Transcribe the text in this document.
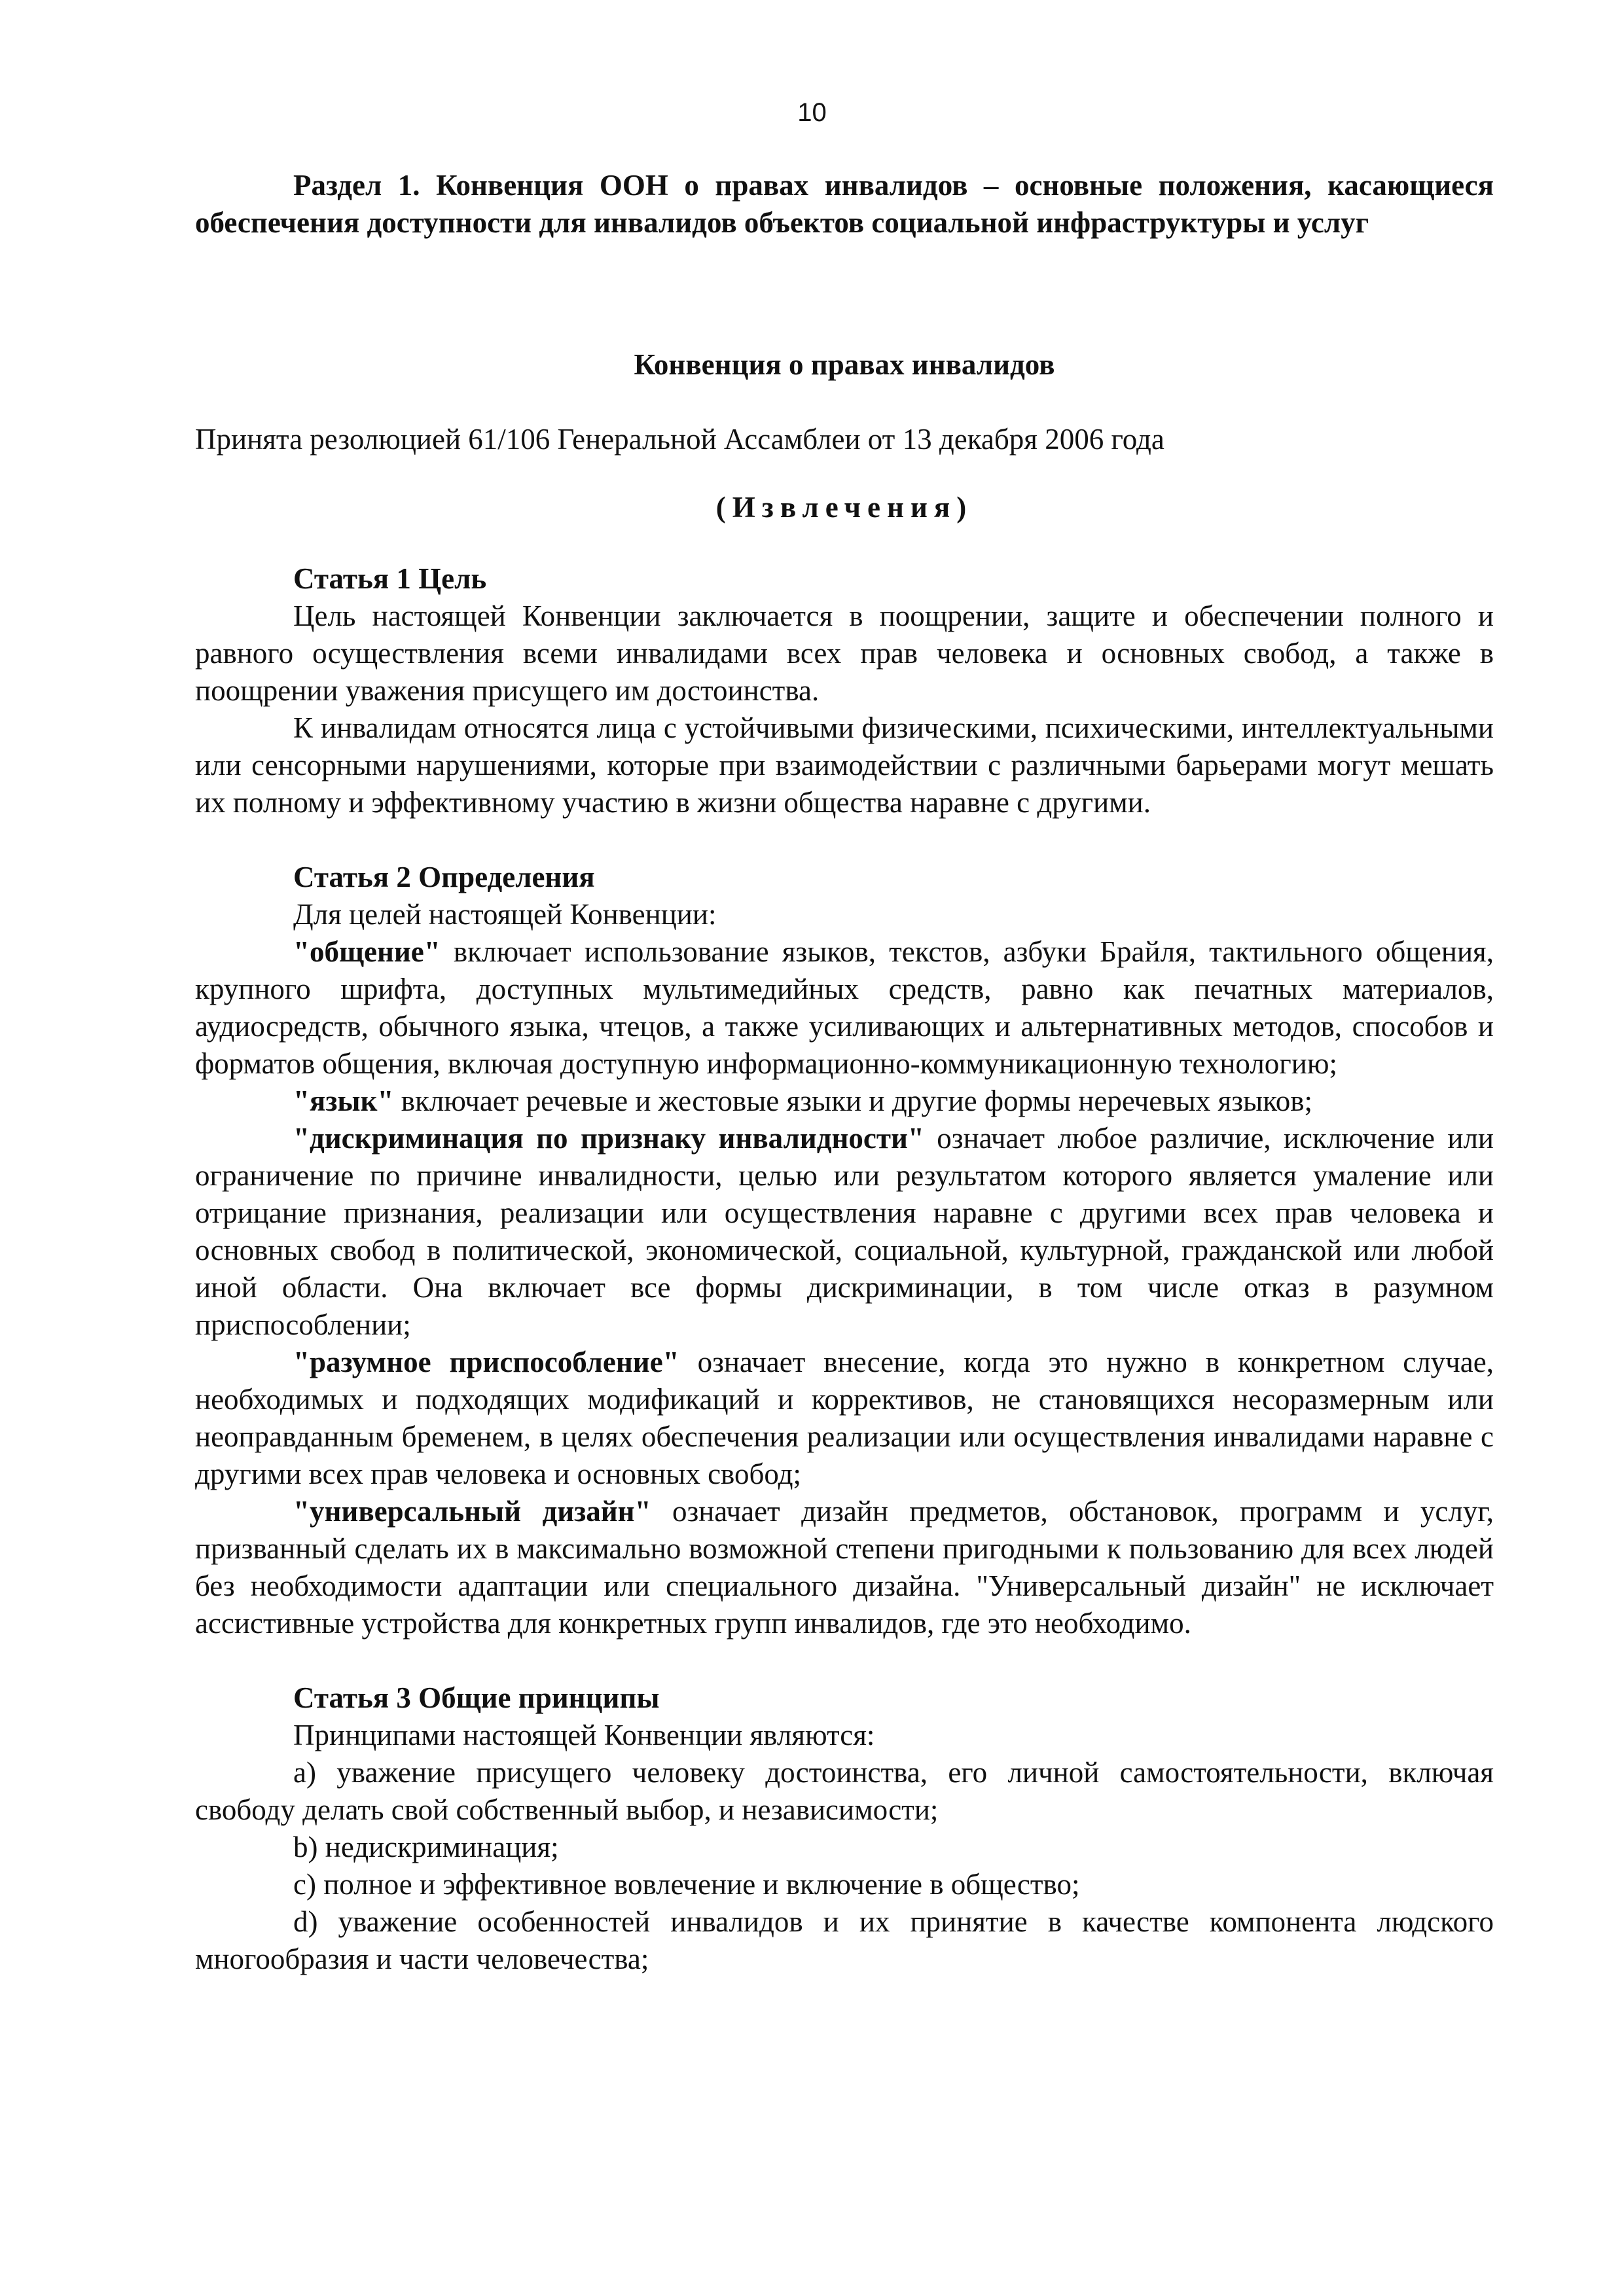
10

Раздел 1. Конвенция ООН о правах инвалидов – основные положения, касающиеся обеспечения доступности для инвалидов объектов социальной инфраструктуры и услуг

Конвенция о правах инвалидов

Принята резолюцией 61/106 Генеральной Ассамблеи от 13 декабря 2006 года

(Извлечения)

Статья 1 Цель

Цель настоящей Конвенции заключается в поощрении, защите и обеспечении полного и равного осуществления всеми инвалидами всех прав человека и основных свобод, а также в поощрении уважения присущего им достоинства.

К инвалидам относятся лица с устойчивыми физическими, психическими, интеллектуальными или сенсорными нарушениями, которые при взаимодействии с различными барьерами могут мешать их полному и эффективному участию в жизни общества наравне с другими.

Статья 2 Определения

Для целей настоящей Конвенции:

"общение" включает использование языков, текстов, азбуки Брайля, тактильного общения, крупного шрифта, доступных мультимедийных средств, равно как печатных материалов, аудиосредств, обычного языка, чтецов, а также усиливающих и альтернативных методов, способов и форматов общения, включая доступную информационно-коммуникационную технологию;

"язык" включает речевые и жестовые языки и другие формы неречевых языков;

"дискриминация по признаку инвалидности" означает любое различие, исключение или ограничение по причине инвалидности, целью или результатом которого является умаление или отрицание признания, реализации или осуществления наравне с другими всех прав человека и основных свобод в политической, экономической, социальной, культурной, гражданской или любой иной области. Она включает все формы дискриминации, в том числе отказ в разумном приспособлении;

"разумное приспособление" означает внесение, когда это нужно в конкретном случае, необходимых и подходящих модификаций и коррективов, не становящихся несоразмерным или неоправданным бременем, в целях обеспечения реализации или осуществления инвалидами наравне с другими всех прав человека и основных свобод;

"универсальный дизайн" означает дизайн предметов, обстановок, программ и услуг, призванный сделать их в максимально возможной степени пригодными к пользованию для всех людей без необходимости адаптации или специального дизайна. "Универсальный дизайн" не исключает ассистивные устройства для конкретных групп инвалидов, где это необходимо.

Статья 3 Общие принципы

Принципами настоящей Конвенции являются:

a) уважение присущего человеку достоинства, его личной самостоятельности, включая свободу делать свой собственный выбор, и независимости;

b) недискриминация;

c) полное и эффективное вовлечение и включение в общество;

d) уважение особенностей инвалидов и их принятие в качестве компонента людского многообразия и части человечества;
